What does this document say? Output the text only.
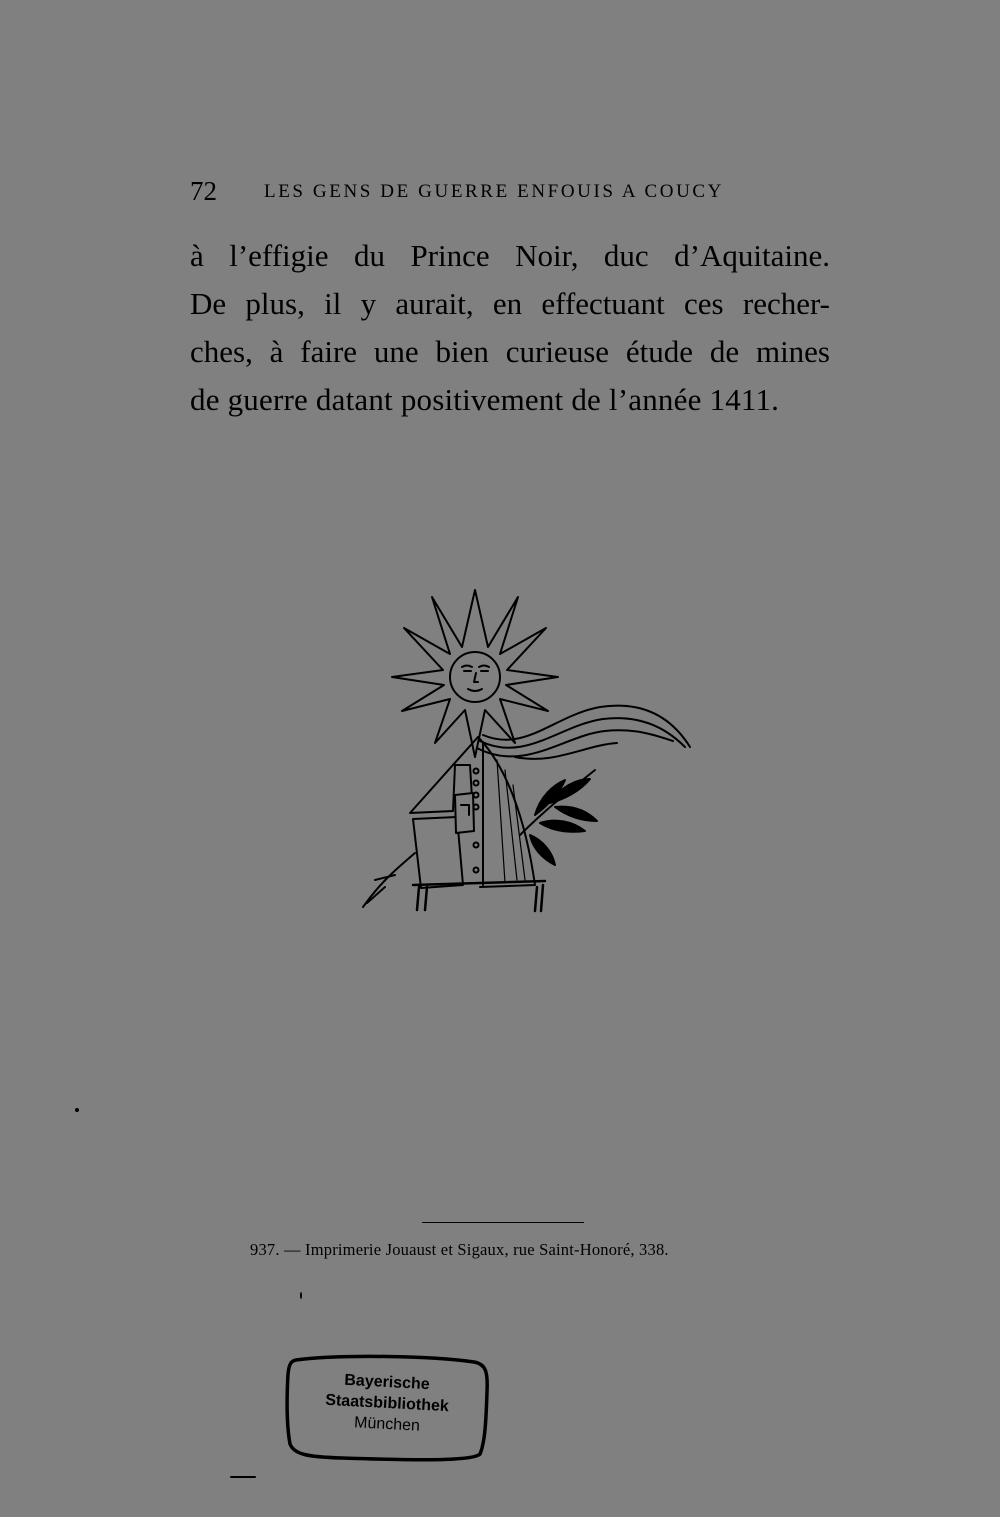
72 LES GENS DE GUERRE ENFOUIS A COUCY
à l’effigie du Prince Noir, duc d’Aquitaine.
De plus, il y aurait, en effectuant ces recher-
ches, à faire une bien curieuse étude de mines
de guerre datant positivement de l’année 1411.
937. — Imprimerie Jouaust et Sigaux, rue Saint-Honoré, 338.
Bayerische
Staatsbibliothek
München
